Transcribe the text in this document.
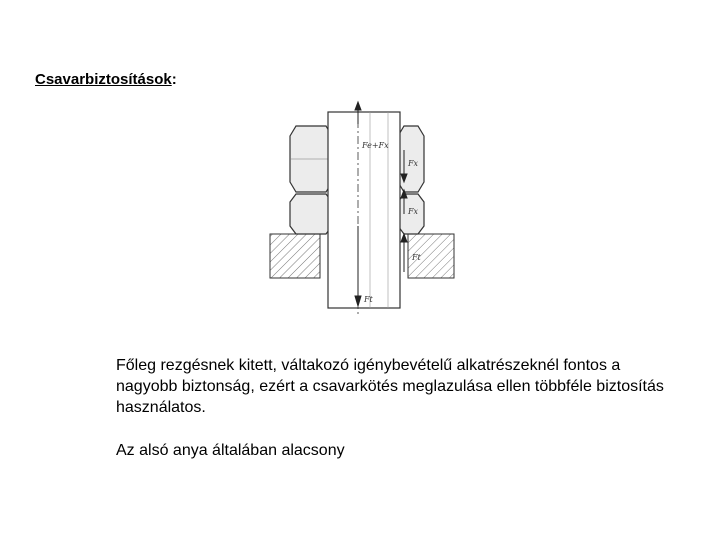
Csavarbiztosítások:
Fe+Fx
Fx
Fx
Ft
Ft

Főleg rezgésnek kitett, váltakozó igénybevételű alkatrészeknél fontos a nagyobb biztonság, ezért a csavarkötés meglazulása ellen többféle biztosítás használatos.

Az alsó anya általában alacsony
